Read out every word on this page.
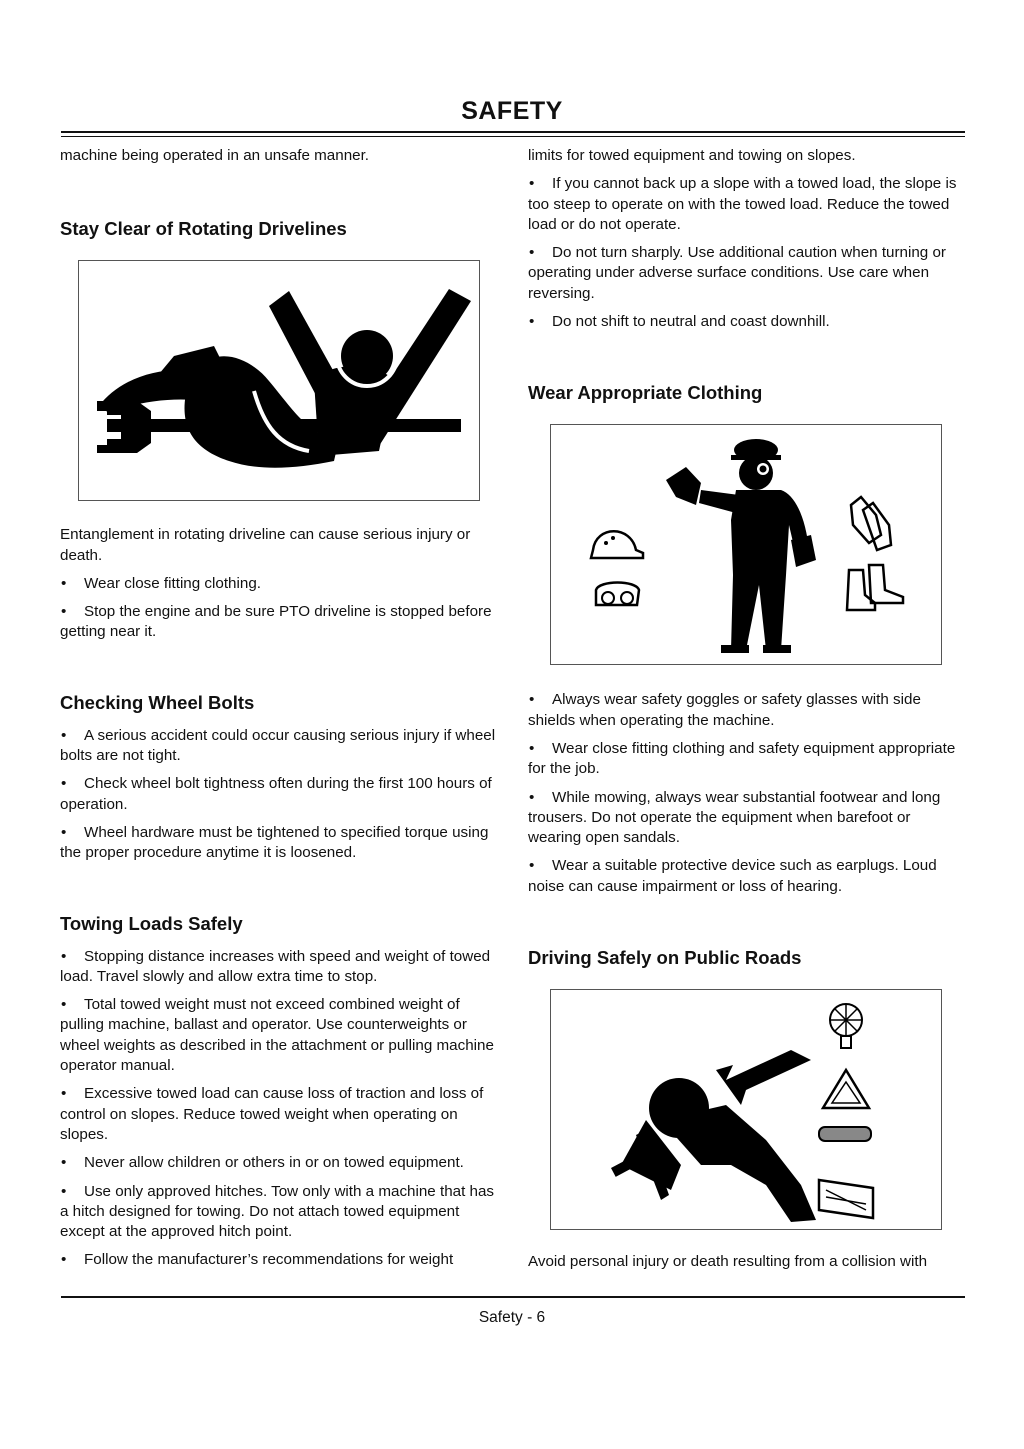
SAFETY

machine being operated in an unsafe manner.

Stay Clear of Rotating Drivelines

Entanglement in rotating driveline can cause serious injury or death.

• Wear close fitting clothing.

• Stop the engine and be sure PTO driveline is stopped before getting near it.

Checking Wheel Bolts

• A serious accident could occur causing serious injury if wheel bolts are not tight.

• Check wheel bolt tightness often during the first 100 hours of operation.

• Wheel hardware must be tightened to specified torque using the proper procedure anytime it is loosened.

Towing Loads Safely

• Stopping distance increases with speed and weight of towed load. Travel slowly and allow extra time to stop.

• Total towed weight must not exceed combined weight of pulling machine, ballast and operator. Use counterweights or wheel weights as described in the attachment or pulling machine operator manual.

• Excessive towed load can cause loss of traction and loss of control on slopes. Reduce towed weight when operating on slopes.

• Never allow children or others in or on towed equipment.

• Use only approved hitches. Tow only with a machine that has a hitch designed for towing. Do not attach towed equipment except at the approved hitch point.

• Follow the manufacturer’s recommendations for weight

limits for towed equipment and towing on slopes.

• If you cannot back up a slope with a towed load, the slope is too steep to operate on with the towed load. Reduce the towed load or do not operate.

• Do not turn sharply. Use additional caution when turning or operating under adverse surface conditions. Use care when reversing.

• Do not shift to neutral and coast downhill.

Wear Appropriate Clothing

• Always wear safety goggles or safety glasses with side shields when operating the machine.

• Wear close fitting clothing and safety equipment appropriate for the job.

• While mowing, always wear substantial footwear and long trousers. Do not operate the equipment when barefoot or wearing open sandals.

• Wear a suitable protective device such as earplugs. Loud noise can cause impairment or loss of hearing.

Driving Safely on Public Roads

Avoid personal injury or death resulting from a collision with

Safety - 6
